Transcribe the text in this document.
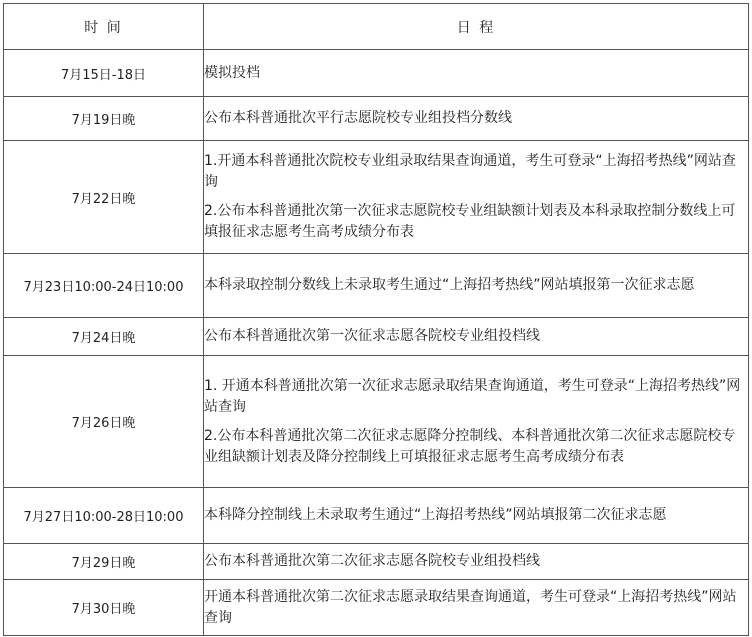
时 间	日 程
7月15日-18日	模拟投档

7月19日晚	公布本科普通批次平行志愿院校专业组投档分数线

7月22日晚	1.开通本科普通批次院校专业组录取结果查询通道，考生可登录“上海招考热线”网站查询

2.公布本科普通批次第一次征求志愿院校专业组缺额计划表及本科录取控制分数线上可填报征求志愿考生高考成绩分布表

7月23日10:00-24日10:00	本科录取控制分数线上未录取考生通过“上海招考热线”网站填报第一次征求志愿

7月24日晚	公布本科普通批次第一次征求志愿各院校专业组投档线

7月26日晚	1. 开通本科普通批次第一次征求志愿录取结果查询通道，考生可登录“上海招考热线”网站查询

2.公布本科普通批次第二次征求志愿降分控制线、本科普通批次第二次征求志愿院校专业组缺额计划表及降分控制线上可填报征求志愿考生高考成绩分布表

7月27日10:00-28日10:00	本科降分控制线上未录取考生通过“上海招考热线”网站填报第二次征求志愿

7月29日晚	公布本科普通批次第二次征求志愿各院校专业组投档线

7月30日晚	开通本科普通批次第二次征求志愿录取结果查询通道，考生可登录“上海招考热线”网站查询
